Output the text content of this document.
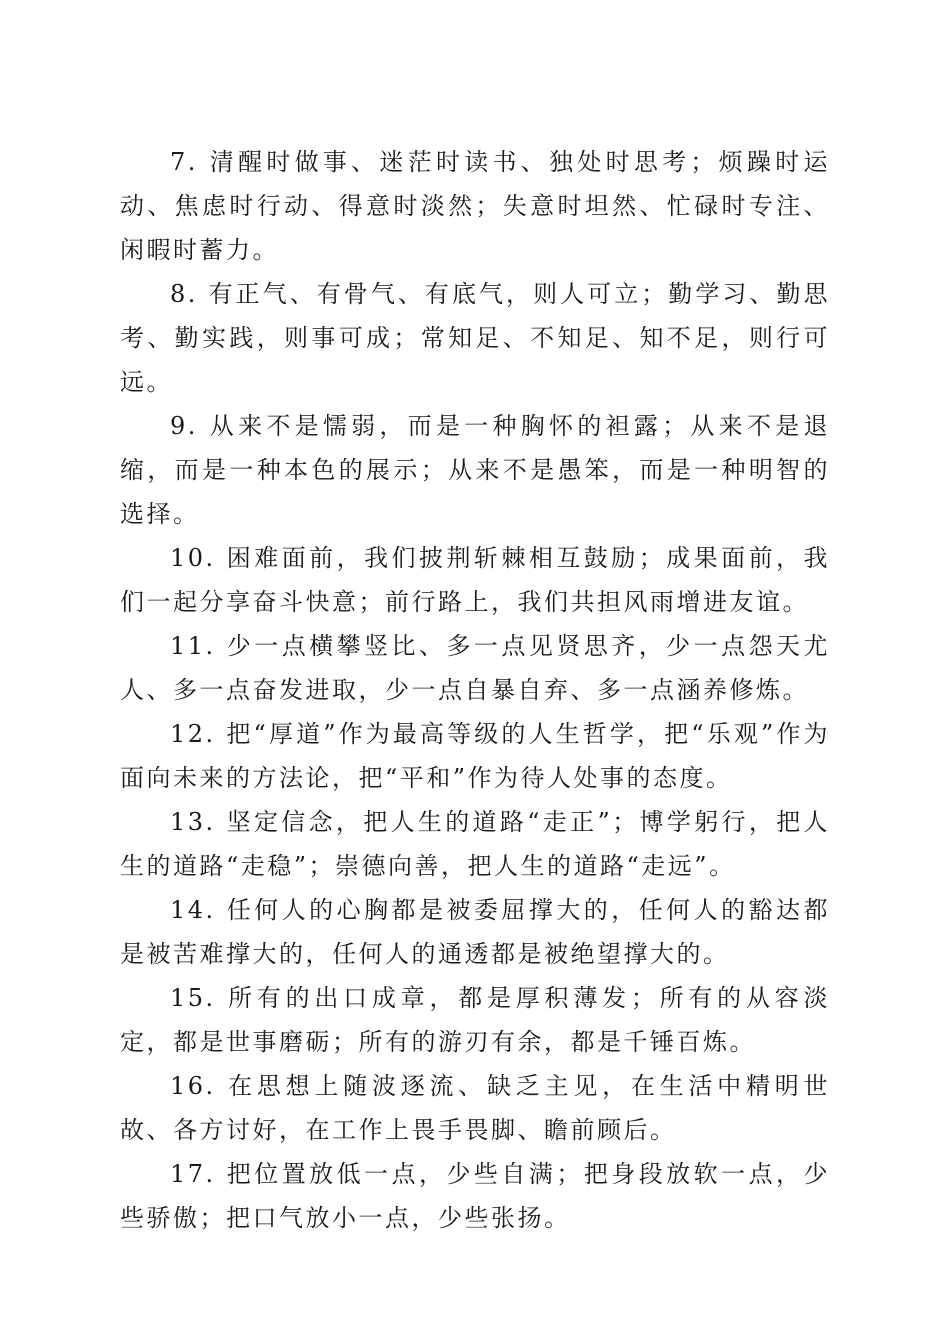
7. 清醒时做事、迷茫时读书、独处时思考；烦躁时运动、焦虑时行动、得意时淡然；失意时坦然、忙碌时专注、闲暇时蓄力。

8. 有正气、有骨气、有底气，则人可立；勤学习、勤思考、勤实践，则事可成；常知足、不知足、知不足，则行可远。

9. 从来不是懦弱，而是一种胸怀的袒露；从来不是退缩，而是一种本色的展示；从来不是愚笨，而是一种明智的选择。

10. 困难面前，我们披荆斩棘相互鼓励；成果面前，我们一起分享奋斗快意；前行路上，我们共担风雨增进友谊。

11. 少一点横攀竖比、多一点见贤思齐，少一点怨天尤人、多一点奋发进取，少一点自暴自弃、多一点涵养修炼。

12. 把“厚道”作为最高等级的人生哲学，把“乐观”作为面向未来的方法论，把“平和”作为待人处事的态度。

13. 坚定信念，把人生的道路“走正”；博学躬行，把人生的道路“走稳”；崇德向善，把人生的道路“走远”。

14. 任何人的心胸都是被委屈撑大的，任何人的豁达都是被苦难撑大的，任何人的通透都是被绝望撑大的。

15. 所有的出口成章，都是厚积薄发；所有的从容淡定，都是世事磨砺；所有的游刃有余，都是千锤百炼。

16. 在思想上随波逐流、缺乏主见，在生活中精明世故、各方讨好，在工作上畏手畏脚、瞻前顾后。

17. 把位置放低一点，少些自满；把身段放软一点，少些骄傲；把口气放小一点，少些张扬。
